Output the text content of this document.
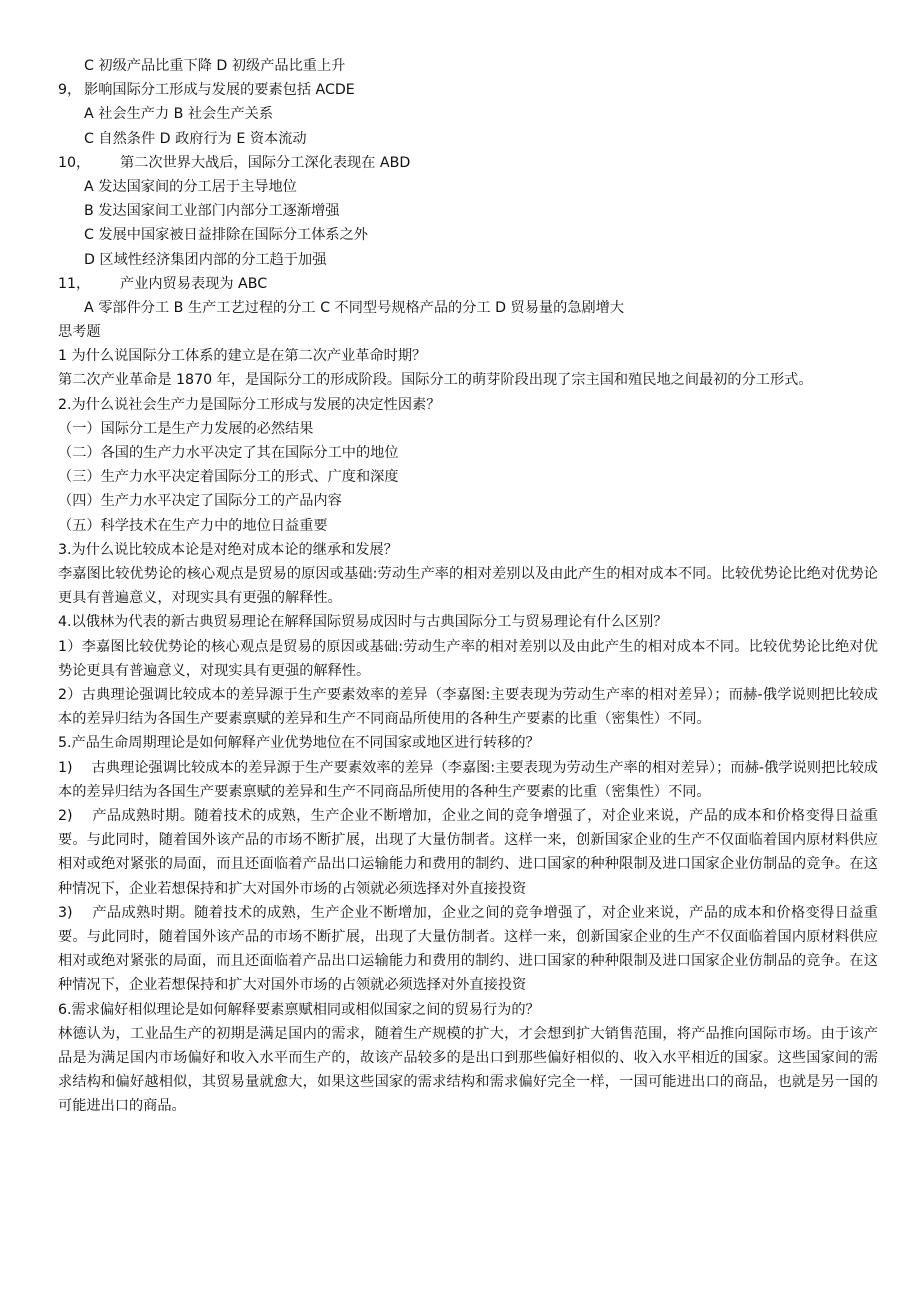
C 初级产品比重下降 D 初级产品比重上升
9， 影响国际分工形成与发展的要素包括 ACDE
A 社会生产力 B 社会生产关系
C 自然条件 D 政府行为 E 资本流动
10， 第二次世界大战后，国际分工深化表现在 ABD
A 发达国家间的分工居于主导地位
B 发达国家间工业部门内部分工逐渐增强
C 发展中国家被日益排除在国际分工体系之外
D 区域性经济集团内部的分工趋于加强
11， 产业内贸易表现为 ABC
A 零部件分工 B 生产工艺过程的分工 C 不同型号规格产品的分工 D 贸易量的急剧增大
思考题
1 为什么说国际分工体系的建立是在第二次产业革命时期？
第二次产业革命是 1870 年，是国际分工的形成阶段。国际分工的萌芽阶段出现了宗主国和殖民地之间最初的分工形式。
2.为什么说社会生产力是国际分工形成与发展的决定性因素？
（一）国际分工是生产力发展的必然结果
（二）各国的生产力水平决定了其在国际分工中的地位
（三）生产力水平决定着国际分工的形式、广度和深度
（四）生产力水平决定了国际分工的产品内容
（五）科学技术在生产力中的地位日益重要
3.为什么说比较成本论是对绝对成本论的继承和发展？
李嘉图比较优势论的核心观点是贸易的原因或基础:劳动生产率的相对差别以及由此产生的相对成本不同。比较优势论比绝对优势论更具有普遍意义，对现实具有更强的解释性。
4.以俄林为代表的新古典贸易理论在解释国际贸易成因时与古典国际分工与贸易理论有什么区别？
1）李嘉图比较优势论的核心观点是贸易的原因或基础:劳动生产率的相对差别以及由此产生的相对成本不同。比较优势论比绝对优势论更具有普遍意义，对现实具有更强的解释性。
2）古典理论强调比较成本的差异源于生产要素效率的差异（李嘉图:主要表现为劳动生产率的相对差异）；而赫-俄学说则把比较成本的差异归结为各国生产要素禀赋的差异和生产不同商品所使用的各种生产要素的比重（密集性）不同。
5.产品生命周期理论是如何解释产业优势地位在不同国家或地区进行转移的？
1)　 古典理论强调比较成本的差异源于生产要素效率的差异（李嘉图:主要表现为劳动生产率的相对差异）；而赫-俄学说则把比较成本的差异归结为各国生产要素禀赋的差异和生产不同商品所使用的各种生产要素的比重（密集性）不同。
2)　 产品成熟时期。随着技术的成熟，生产企业不断增加，企业之间的竞争增强了，对企业来说，产品的成本和价格变得日益重要。与此同时，随着国外该产品的市场不断扩展，出现了大量仿制者。这样一来，创新国家企业的生产不仅面临着国内原材料供应相对或绝对紧张的局面，而且还面临着产品出口运输能力和费用的制约、进口国家的种种限制及进口国家企业仿制品的竞争。在这种情况下，企业若想保持和扩大对国外市场的占领就必须选择对外直接投资
3)　 产品成熟时期。随着技术的成熟，生产企业不断增加，企业之间的竞争增强了，对企业来说，产品的成本和价格变得日益重要。与此同时，随着国外该产品的市场不断扩展，出现了大量仿制者。这样一来，创新国家企业的生产不仅面临着国内原材料供应相对或绝对紧张的局面，而且还面临着产品出口运输能力和费用的制约、进口国家的种种限制及进口国家企业仿制品的竞争。在这种情况下，企业若想保持和扩大对国外市场的占领就必须选择对外直接投资
6.需求偏好相似理论是如何解释要素禀赋相同或相似国家之间的贸易行为的？
林德认为，工业品生产的初期是满足国内的需求，随着生产规模的扩大，才会想到扩大销售范围，将产品推向国际市场。由于该产品是为满足国内市场偏好和收入水平而生产的，故该产品较多的是出口到那些偏好相似的、收入水平相近的国家。这些国家间的需求结构和偏好越相似，其贸易量就愈大，如果这些国家的需求结构和需求偏好完全一样，一国可能进出口的商品，也就是另一国的可能进出口的商品。
